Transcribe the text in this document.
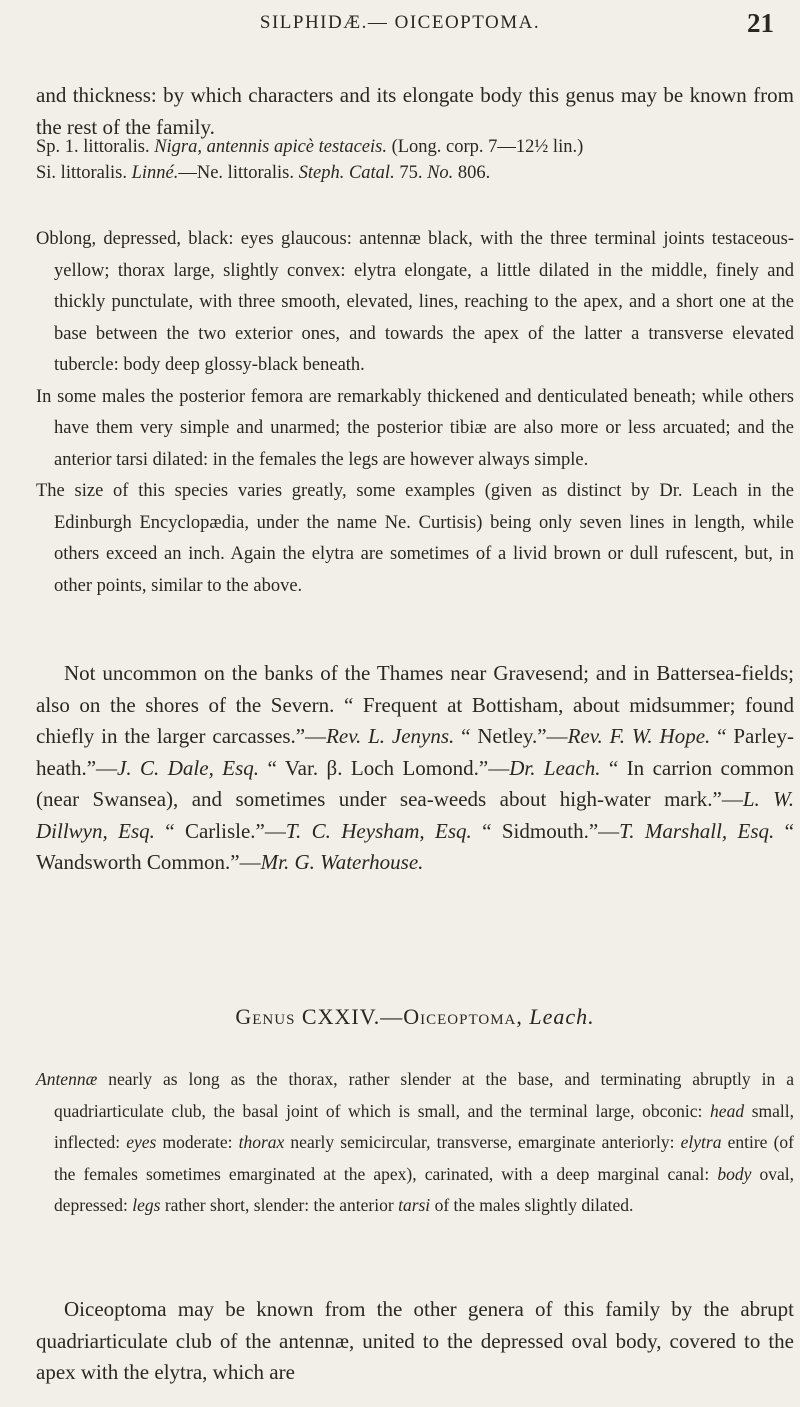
SILPHIDÆ.— OICEOPTOMA.	21

and thickness: by which characters and its elongate body this genus may be known from the rest of the family.

Sp. 1. littoralis. Nigra, antennis apicè testaceis. (Long. corp. 7—12½ lin.)

Si. littoralis. Linné.—Ne. littoralis. Steph. Catal. 75. No. 806.

Oblong, depressed, black: eyes glaucous: antennæ black, with the three terminal joints testaceous-yellow; thorax large, slightly convex: elytra elongate, a little dilated in the middle, finely and thickly punctulate, with three smooth, elevated, lines, reaching to the apex, and a short one at the base between the two exterior ones, and towards the apex of the latter a transverse elevated tubercle: body deep glossy-black beneath.

In some males the posterior femora are remarkably thickened and denticulated beneath; while others have them very simple and unarmed; the posterior tibiæ are also more or less arcuated; and the anterior tarsi dilated: in the females the legs are however always simple.

The size of this species varies greatly, some examples (given as distinct by Dr. Leach in the Edinburgh Encyclopædia, under the name Ne. Curtisis) being only seven lines in length, while others exceed an inch. Again the elytra are sometimes of a livid brown or dull rufescent, but, in other points, similar to the above.

Not uncommon on the banks of the Thames near Gravesend; and in Battersea-fields; also on the shores of the Severn. “ Frequent at Bottisham, about midsummer; found chiefly in the larger carcasses.”—Rev. L. Jenyns. “ Netley.”—Rev. F. W. Hope. “ Parley-heath.”—J. C. Dale, Esq. “ Var. β. Loch Lomond.”—Dr. Leach. “ In carrion common (near Swansea), and sometimes under sea-weeds about high-water mark.”—L. W. Dillwyn, Esq. “ Carlisle.”—T. C. Heysham, Esq. “ Sidmouth.”—T. Marshall, Esq. “ Wandsworth Common.”—Mr. G. Waterhouse.

Genus CXXIV.—Oiceoptoma, Leach.

Antennæ nearly as long as the thorax, rather slender at the base, and terminating abruptly in a quadriarticulate club, the basal joint of which is small, and the terminal large, obconic: head small, inflected: eyes moderate: thorax nearly semicircular, transverse, emarginate anteriorly: elytra entire (of the females sometimes emarginated at the apex), carinated, with a deep marginal canal: body oval, depressed: legs rather short, slender: the anterior tarsi of the males slightly dilated.

Oiceoptoma may be known from the other genera of this family by the abrupt quadriarticulate club of the antennæ, united to the depressed oval body, covered to the apex with the elytra, which are
